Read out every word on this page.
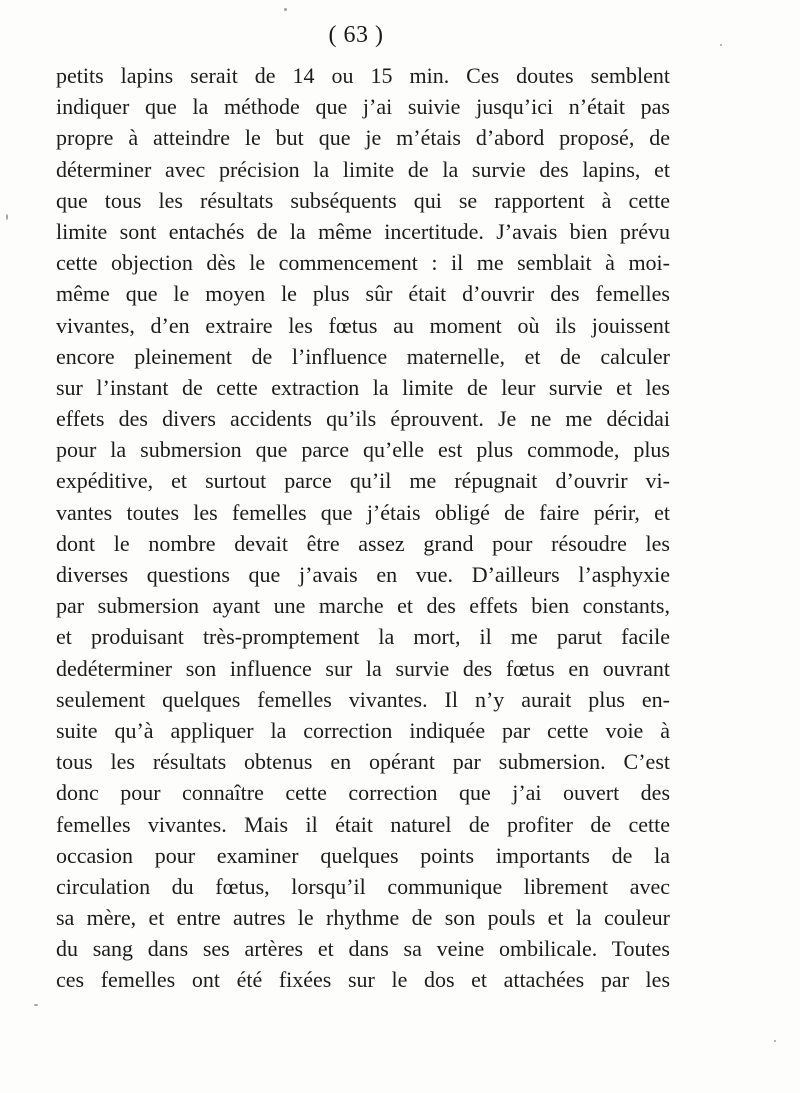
( 63 )
petits lapins serait de 14 ou 15 min. Ces doutes semblent
indiquer que la méthode que j’ai suivie jusqu’ici n’était pas
propre à atteindre le but que je m’étais d’abord proposé, de
déterminer avec précision la limite de la survie des lapins, et
que tous les résultats subséquents qui se rapportent à cette
limite sont entachés de la même incertitude. J’avais bien prévu
cette objection dès le commencement : il me semblait à moi-
même que le moyen le plus sûr était d’ouvrir des femelles
vivantes, d’en extraire les fœtus au moment où ils jouissent
encore pleinement de l’influence maternelle, et de calculer
sur l’instant de cette extraction la limite de leur survie et les
effets des divers accidents qu’ils éprouvent. Je ne me décidai
pour la submersion que parce qu’elle est plus commode, plus
expéditive, et surtout parce qu’il me répugnait d’ouvrir vi-
vantes toutes les femelles que j’étais obligé de faire périr, et
dont le nombre devait être assez grand pour résoudre les
diverses questions que j’avais en vue. D’ailleurs l’asphyxie
par submersion ayant une marche et des effets bien constants,
et produisant très-promptement la mort, il me parut facile
dedéterminer son influence sur la survie des fœtus en ouvrant
seulement quelques femelles vivantes. Il n’y aurait plus en-
suite qu’à appliquer la correction indiquée par cette voie à
tous les résultats obtenus en opérant par submersion. C’est
donc pour connaître cette correction que j’ai ouvert des
femelles vivantes. Mais il était naturel de profiter de cette
occasion pour examiner quelques points importants de la
circulation du fœtus, lorsqu’il communique librement avec
sa mère, et entre autres le rhythme de son pouls et la couleur
du sang dans ses artères et dans sa veine ombilicale. Toutes
ces femelles ont été fixées sur le dos et attachées par les
